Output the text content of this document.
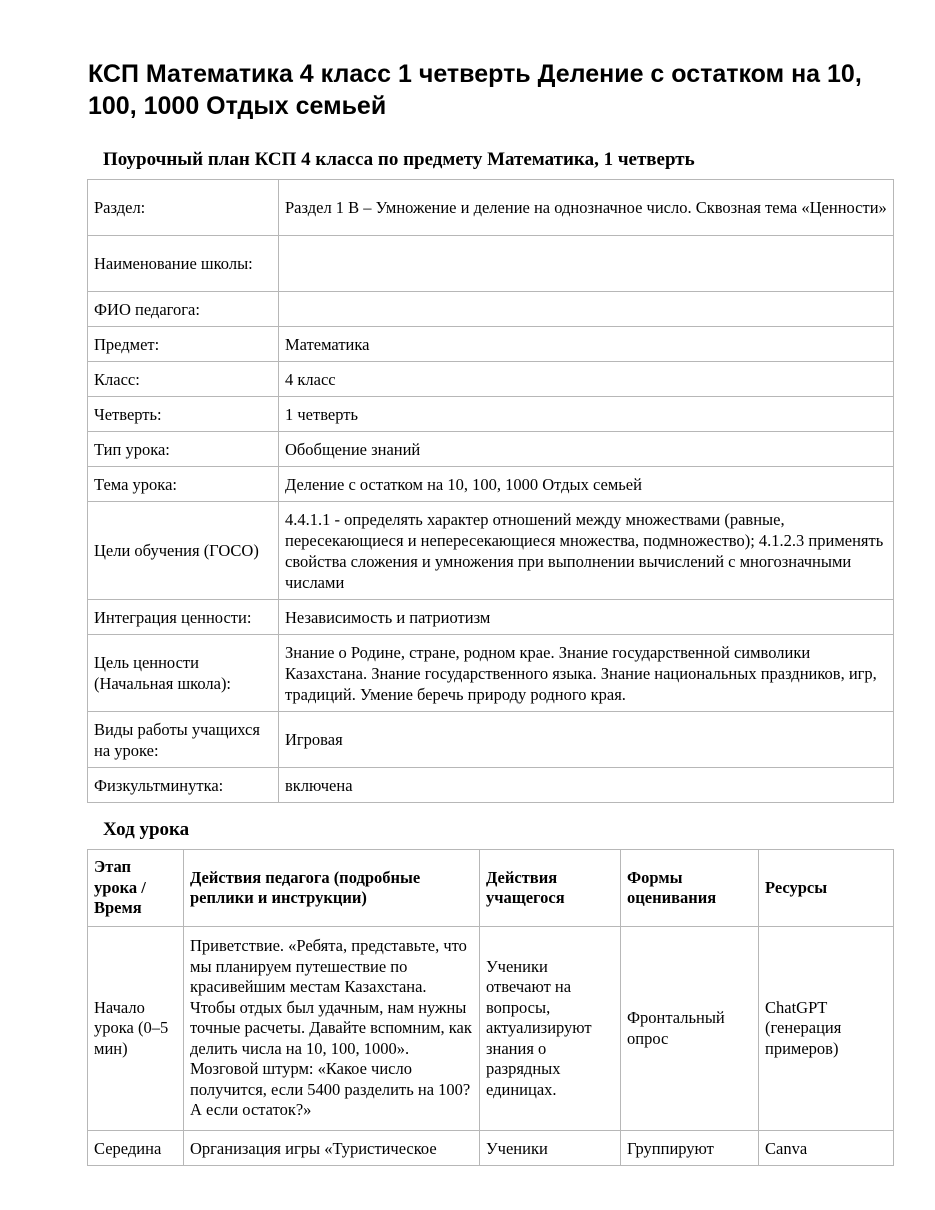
КСП Математика 4 класс 1 четверть Деление с остатком на 10, 100, 1000 Отдых семьей
Поурочный план КСП 4 класса по предмету Математика, 1 четверть
Раздел:	Раздел 1 В – Умножение и деление на однозначное число. Сквозная тема «Ценности»
Наименование школы:	
ФИО педагога:	
Предмет:	Математика
Класс:	4 класс
Четверть:	1 четверть
Тип урока:	Обобщение знаний
Тема урока:	Деление с остатком на 10, 100, 1000 Отдых семьей
Цели обучения (ГОСО)	4.4.1.1 - определять характер отношений между множествами (равные, пересекающиеся и непересекающиеся множества, подмножество); 4.1.2.3 применять свойства сложения и умножения при выполнении вычислений с многозначными числами
Интеграция ценности:	Независимость и патриотизм
Цель ценности (Начальная школа):	Знание о Родине, стране, родном крае. Знание государственной символики Казахстана. Знание государственного языка. Знание национальных праздников, игр, традиций. Умение беречь природу родного края.
Виды работы учащихся на уроке:	Игровая
Физкультминутка:	включена
Ход урока
Этап урока / Время	Действия педагога (подробные реплики и инструкции)	Действия учащегося	Формы оценивания	Ресурсы
Начало урока (0–5 мин)	Приветствие. «Ребята, представьте, что мы планируем путешествие по красивейшим местам Казахстана. Чтобы отдых был удачным, нам нужны точные расчеты. Давайте вспомним, как делить числа на 10, 100, 1000». Мозговой штурм: «Какое число получится, если 5400 разделить на 100? А если остаток?»	Ученики отвечают на вопросы, актуализируют знания о разрядных единицах.	Фронтальный опрос	ChatGPT (генерация примеров)
Середина	Организация игры «Туристическое	Ученики	Группируют	Canva
